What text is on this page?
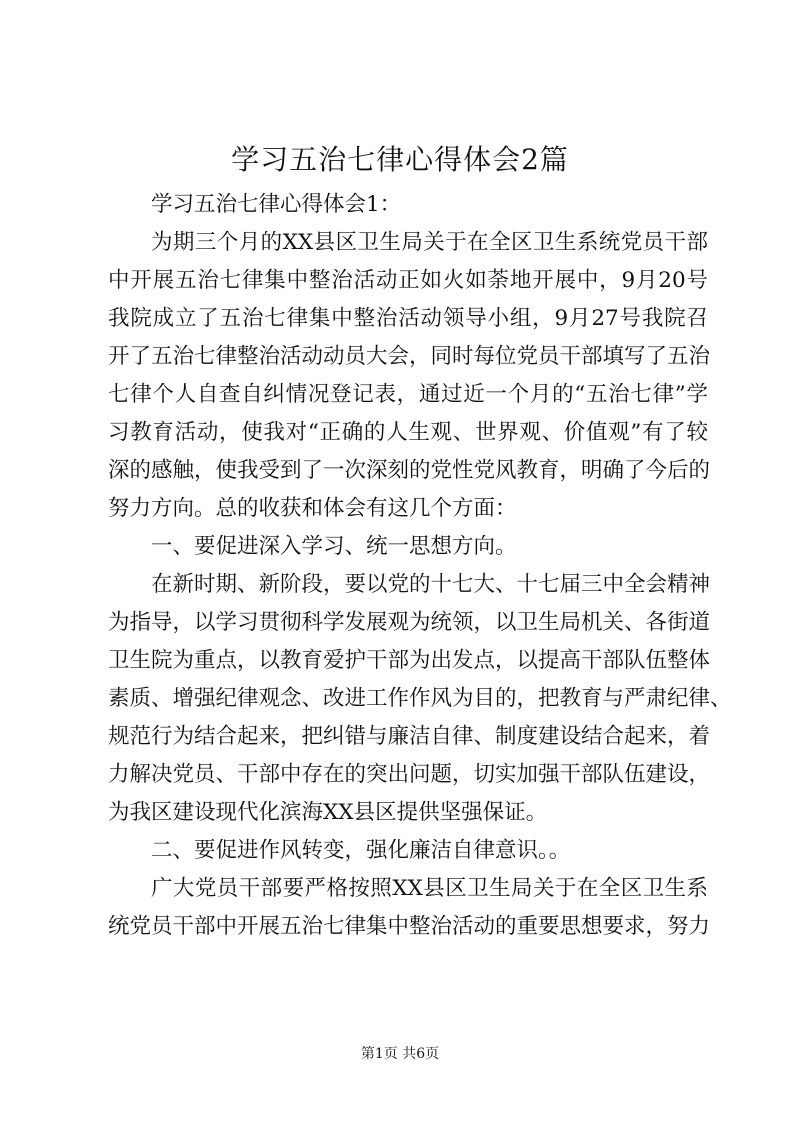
学习五治七律心得体会2篇
学习五治七律心得体会1：
为期三个月的XX县区卫生局关于在全区卫生系统党员干部
中开展五治七律集中整治活动正如火如荼地开展中，9月20号
我院成立了五治七律集中整治活动领导小组，9月27号我院召
开了五治七律整治活动动员大会，同时每位党员干部填写了五治
七律个人自查自纠情况登记表，通过近一个月的“五治七律”学
习教育活动，使我对“正确的人生观、世界观、价值观”有了较
深的感触，使我受到了一次深刻的党性党风教育，明确了今后的
努力方向。总的收获和体会有这几个方面：
一、要促进深入学习、统一思想方向。
在新时期、新阶段，要以党的十七大、十七届三中全会精神
为指导，以学习贯彻科学发展观为统领，以卫生局机关、各街道
卫生院为重点，以教育爱护干部为出发点，以提高干部队伍整体
素质、增强纪律观念、改进工作作风为目的，把教育与严肃纪律、
规范行为结合起来，把纠错与廉洁自律、制度建设结合起来，着
力解决党员、干部中存在的突出问题，切实加强干部队伍建设，
为我区建设现代化滨海XX县区提供坚强保证。
二、要促进作风转变，强化廉洁自律意识。。
广大党员干部要严格按照XX县区卫生局关于在全区卫生系
统党员干部中开展五治七律集中整治活动的重要思想要求，努力
第1页 共6页
